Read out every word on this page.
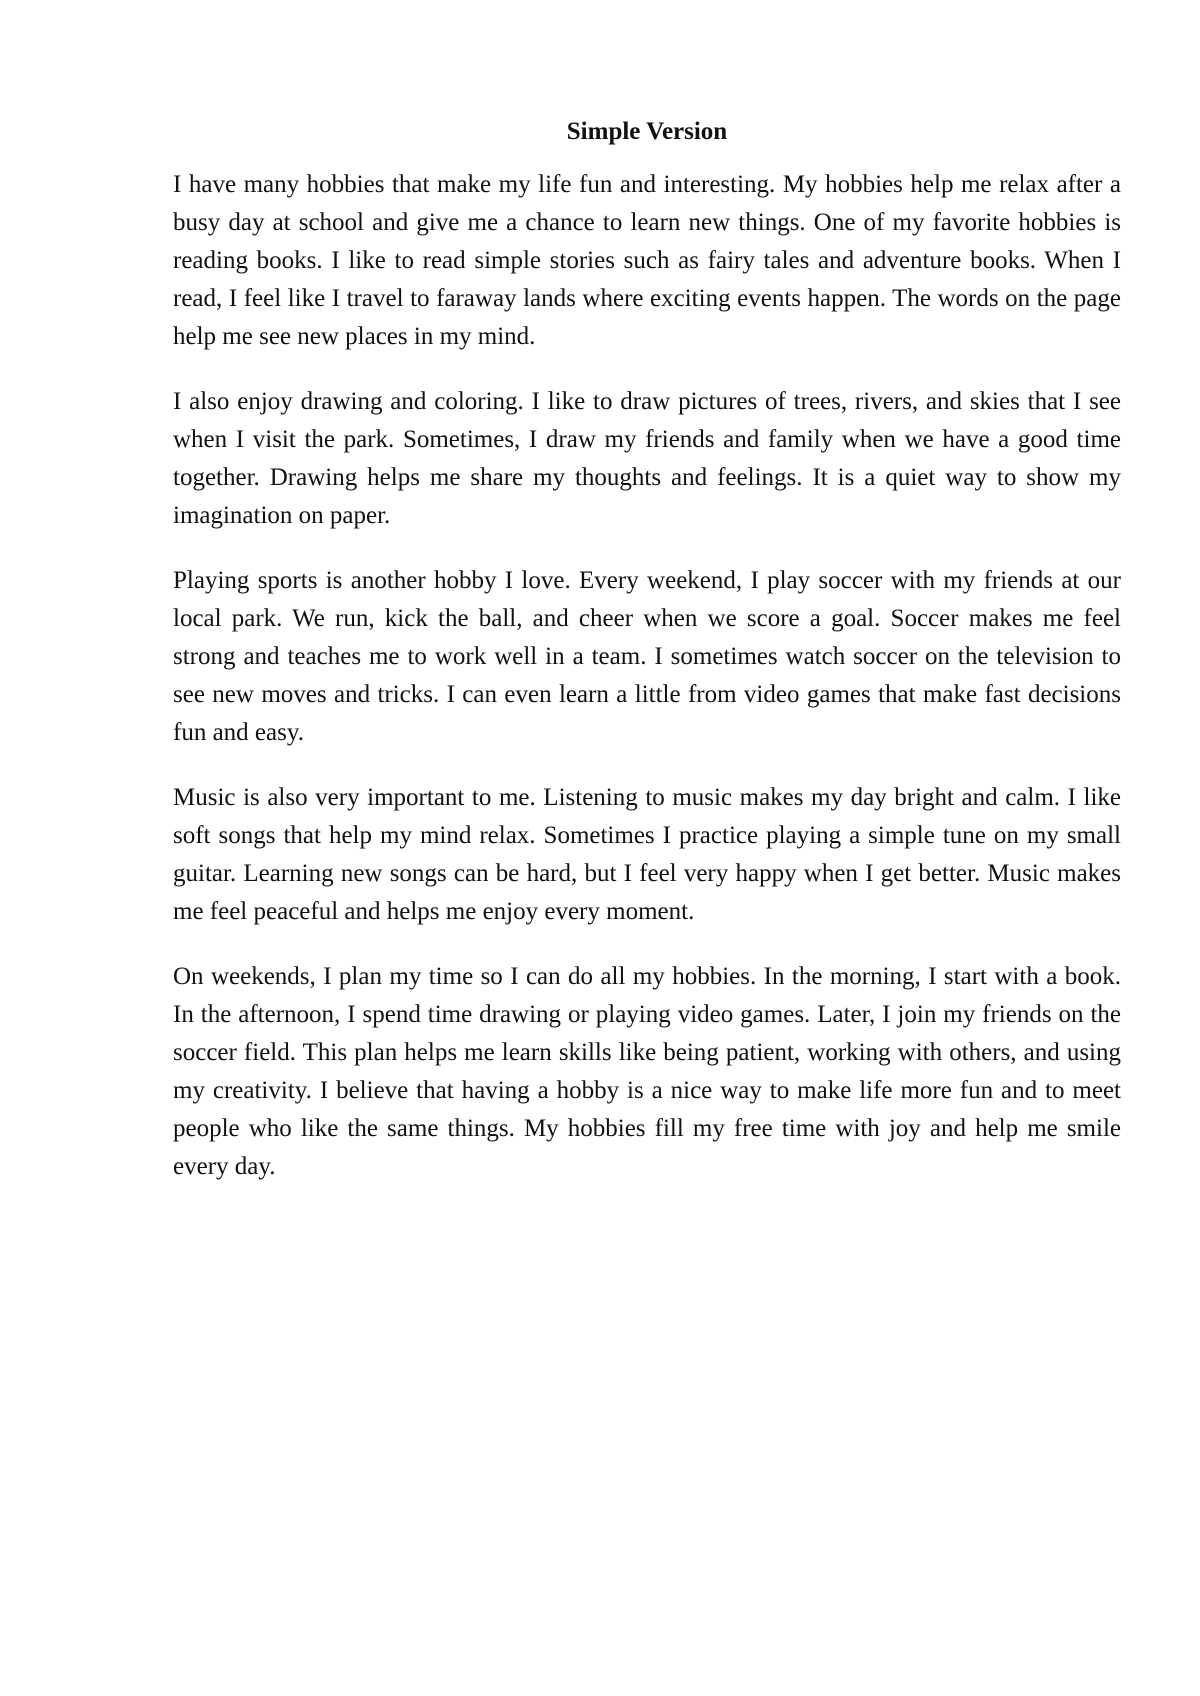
Simple Version

I have many hobbies that make my life fun and interesting. My hobbies help me relax after a busy day at school and give me a chance to learn new things. One of my favorite hobbies is reading books. I like to read simple stories such as fairy tales and adventure books. When I read, I feel like I travel to faraway lands where exciting events happen. The words on the page help me see new places in my mind.

I also enjoy drawing and coloring. I like to draw pictures of trees, rivers, and skies that I see when I visit the park. Sometimes, I draw my friends and family when we have a good time together. Drawing helps me share my thoughts and feelings. It is a quiet way to show my imagination on paper.

Playing sports is another hobby I love. Every weekend, I play soccer with my friends at our local park. We run, kick the ball, and cheer when we score a goal. Soccer makes me feel strong and teaches me to work well in a team. I sometimes watch soccer on the television to see new moves and tricks. I can even learn a little from video games that make fast decisions fun and easy.

Music is also very important to me. Listening to music makes my day bright and calm. I like soft songs that help my mind relax. Sometimes I practice playing a simple tune on my small guitar. Learning new songs can be hard, but I feel very happy when I get better. Music makes me feel peaceful and helps me enjoy every moment.

On weekends, I plan my time so I can do all my hobbies. In the morning, I start with a book. In the afternoon, I spend time drawing or playing video games. Later, I join my friends on the soccer field. This plan helps me learn skills like being patient, working with others, and using my creativity. I believe that having a hobby is a nice way to make life more fun and to meet people who like the same things. My hobbies fill my free time with joy and help me smile every day.
